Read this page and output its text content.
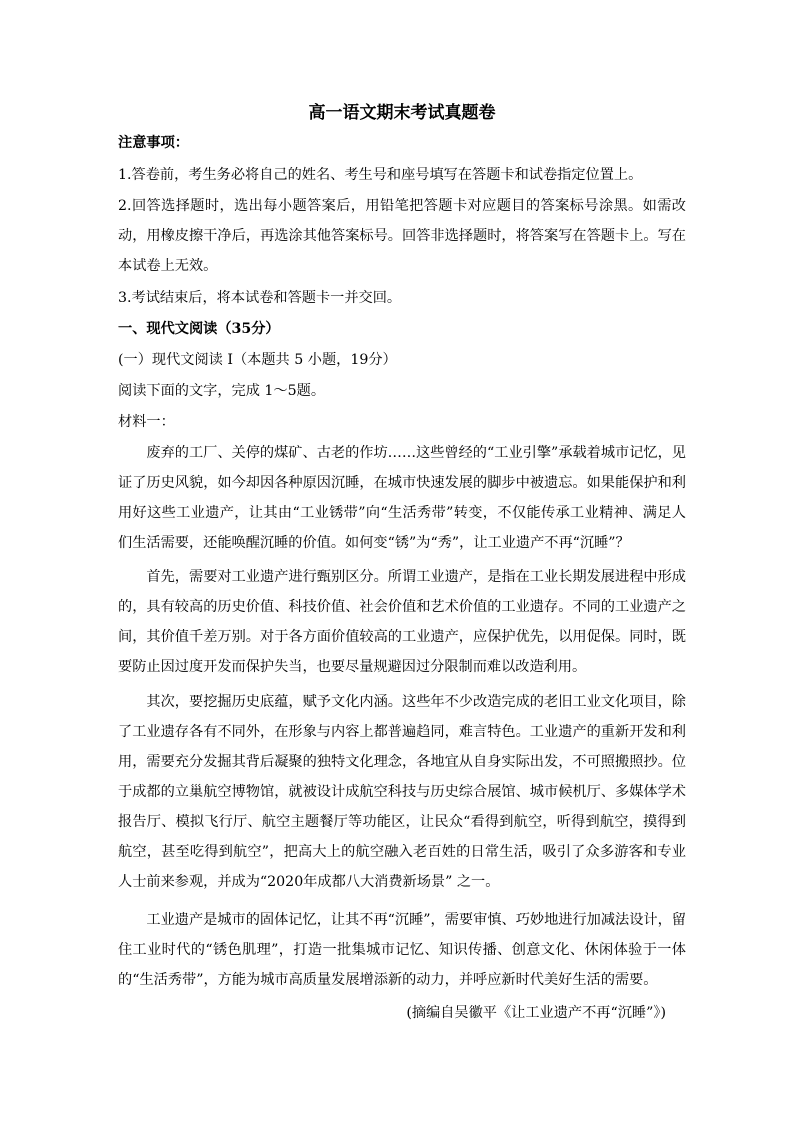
高一语文期末考试真题卷
注意事项：
1.答卷前，考生务必将自己的姓名、考生号和座号填写在答题卡和试卷指定位置上。
2.回答选择题时，选出每小题答案后，用铅笔把答题卡对应题目的答案标号涂黑。如需改动，用橡皮擦干净后，再选涂其他答案标号。回答非选择题时，将答案写在答题卡上。写在本试卷上无效。
3.考试结束后，将本试卷和答题卡一并交回。
一、现代文阅读（35分）
(一）现代文阅读 I（本题共 5 小题，19分）
阅读下面的文字，完成 1～5题。
材料一：
废弃的工厂、关停的煤矿、古老的作坊……这些曾经的“工业引擎”承载着城市记忆，见证了历史风貌，如今却因各种原因沉睡，在城市快速发展的脚步中被遗忘。如果能保护和利用好这些工业遗产，让其由“工业锈带”向“生活秀带”转变，不仅能传承工业精神、满足人们生活需要，还能唤醒沉睡的价值。如何变“锈”为“秀”，让工业遗产不再“沉睡”？
首先，需要对工业遗产进行甄别区分。所谓工业遗产，是指在工业长期发展进程中形成的，具有较高的历史价值、科技价值、社会价值和艺术价值的工业遗存。不同的工业遗产之间，其价值千差万别。对于各方面价值较高的工业遗产，应保护优先，以用促保。同时，既要防止因过度开发而保护失当，也要尽量规避因过分限制而难以改造利用。
其次，要挖掘历史底蕴，赋予文化内涵。这些年不少改造完成的老旧工业文化项目，除了工业遗存各有不同外，在形象与内容上都普遍趋同，难言特色。工业遗产的重新开发和利用，需要充分发掘其背后凝聚的独特文化理念，各地宜从自身实际出发，不可照搬照抄。位于成都的立巢航空博物馆，就被设计成航空科技与历史综合展馆、城市候机厅、多媒体学术报告厅、模拟飞行厅、航空主题餐厅等功能区，让民众“看得到航空，听得到航空，摸得到航空，甚至吃得到航空”，把高大上的航空融入老百姓的日常生活，吸引了众多游客和专业人士前来参观，并成为“2020年成都八大消费新场景” 之一。
工业遗产是城市的固体记忆，让其不再“沉睡”，需要审慎、巧妙地进行加减法设计，留住工业时代的“锈色肌理”，打造一批集城市记忆、知识传播、创意文化、休闲体验于一体的“生活秀带”，方能为城市高质量发展增添新的动力，并呼应新时代美好生活的需要。
(摘编自吴徽平《让工业遗产不再“沉睡”》)
